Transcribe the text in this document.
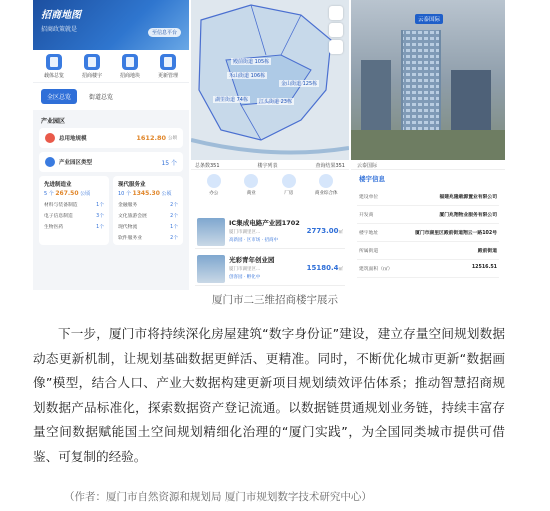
招商地图
招商政策就是	至信息平台
载体总览	招商楼宇	招商地块	更新管理
全区总览	街道总览
产业园区
总用地规模	1612.80 公顷
产业园区类型	15 个
先进制造业
5 个 267.50 公顷
材料与装备制造	1个
电子信息制造	3个
生物医药	1个
现代服务业
10 个 1345.30 公顷
金融服务	2个
文化旅游会展	2个
现代物流	1个
软件服务业	2个
殿前街道 105栋
禾山街道 106栋
金山街道 125栋
江头街道 23栋
湖里街道 74栋
总条数351	楼宇列表	查询结果351
办公	商业	厂房	商业综合体
IC集成电路产业园1702
厦门市湖里区...
高新园 · 区市场 · 招商中
2773.00㎡
光彩青年创业园
厦门市湖里区...
创客园 · 孵化中
15180.4㎡
云泰国际
云泰国际
楼宇信息
建设单位	福建兆隆载源置业有限公司
开发商	厦门兆翔物业服务有限公司
楼宇地址	厦门市湖里区殿前街道翔云一路102号
所属街道	殿前街道
建筑面积（㎡）	12516.51
厦门市二三维招商楼宇展示

下一步，厦门市将持续深化房屋建筑“数字身份证”建设，建立存量空间规划数据动态更新机制，让规划基础数据更鲜活、更精准。同时，不断优化城市更新“数据画像”模型，结合人口、产业大数据构建更新项目规划绩效评估体系；推动智慧招商规划数据产品标准化，探索数据资产登记流通。以数据链贯通规划业务链，持续丰富存量空间数据赋能国土空间规划精细化治理的“厦门实践”，为全国同类城市提供可借鉴、可复制的经验。

（作者：厦门市自然资源和规划局 厦门市规划数字技术研究中心）
